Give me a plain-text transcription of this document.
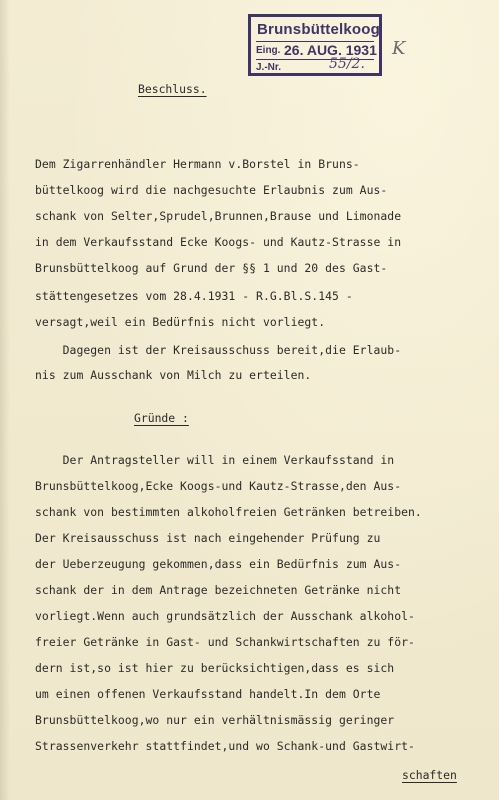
Brunsbüttelkoog
Eing. 26. AUG. 1931
J.-Nr.	55/2.
K
Beschluss.
Dem Zigarrenhändler Hermann v.Borstel in Bruns-
büttelkoog wird die nachgesuchte Erlaubnis zum Aus-
schank von Selter,Sprudel,Brunnen,Brause und Limonade
in dem Verkaufsstand Ecke Koogs- und Kautz-Strasse in
Brunsbüttelkoog auf Grund der §§ 1 und 20 des Gast-
stättengesetzes vom 28.4.1931 - R.G.Bl.S.145 -
versagt,weil ein Bedürfnis nicht vorliegt.
Dagegen ist der Kreisausschuss bereit,die Erlaub-
nis zum Ausschank von Milch zu erteilen.
Gründe :
Der Antragsteller will in einem Verkaufsstand in
Brunsbüttelkoog,Ecke Koogs-und Kautz-Strasse,den Aus-
schank von bestimmten alkoholfreien Getränken betreiben.
Der Kreisausschuss ist nach eingehender Prüfung zu
der Ueberzeugung gekommen,dass ein Bedürfnis zum Aus-
schank der in dem Antrage bezeichneten Getränke nicht
vorliegt.Wenn auch grundsätzlich der Ausschank alkohol-
freier Getränke in Gast- und Schankwirtschaften zu för-
dern ist,so ist hier zu berücksichtigen,dass es sich
um einen offenen Verkaufsstand handelt.In dem Orte
Brunsbüttelkoog,wo nur ein verhältnismässig geringer
Strassenverkehr stattfindet,und wo Schank-und Gastwirt-
schaften
